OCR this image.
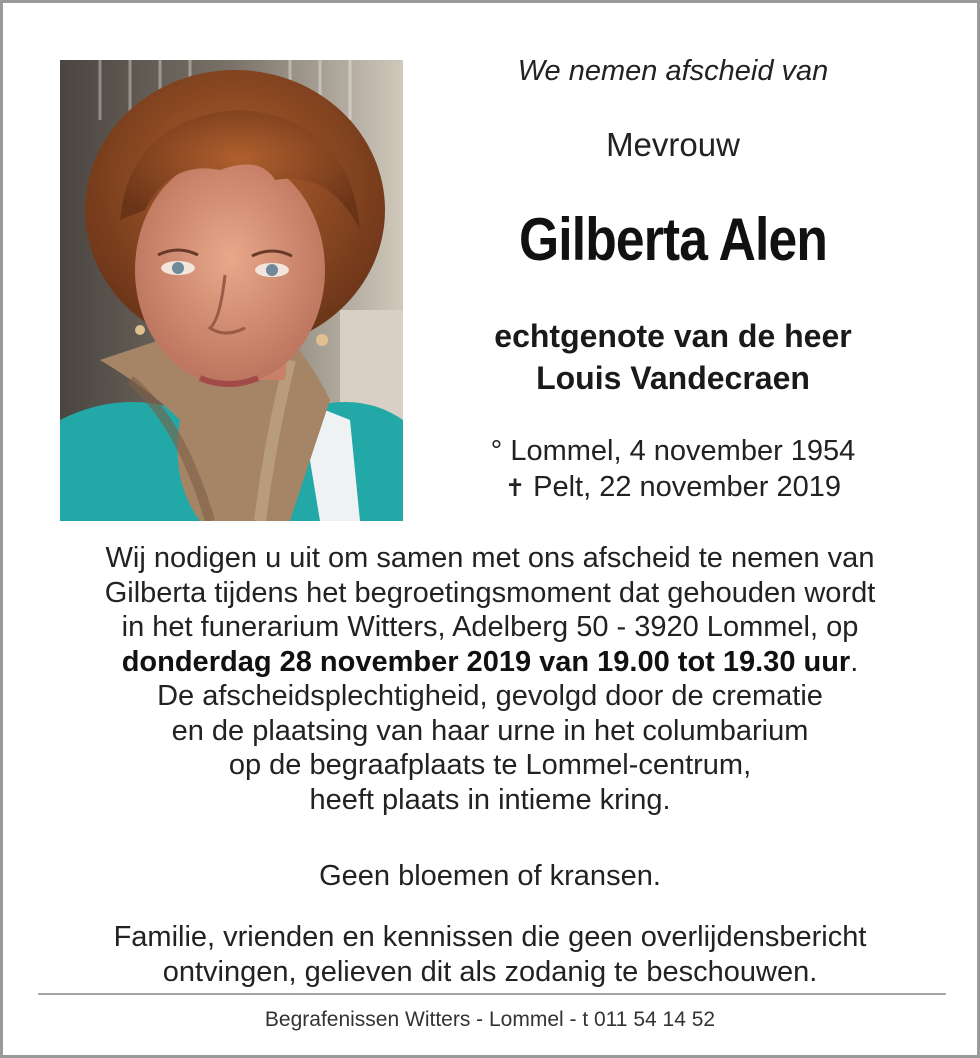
We nemen afscheid van
Mevrouw
Gilberta Alen
echtgenote van de heer
Louis Vandecraen
° Lommel, 4 november 1954
✝ Pelt, 22 november 2019
Wij nodigen u uit om samen met ons afscheid te nemen van
Gilberta tijdens het begroetingsmoment dat gehouden wordt
in het funerarium Witters, Adelberg 50 - 3920 Lommel, op
donderdag 28 november 2019 van 19.00 tot 19.30 uur.
De afscheidsplechtigheid, gevolgd door de crematie
en de plaatsing van haar urne in het columbarium
op de begraafplaats te Lommel-centrum,
heeft plaats in intieme kring.
Geen bloemen of kransen.
Familie, vrienden en kennissen die geen overlijdensbericht
ontvingen, gelieven dit als zodanig te beschouwen.
Begrafenissen Witters - Lommel - t 011 54 14 52
